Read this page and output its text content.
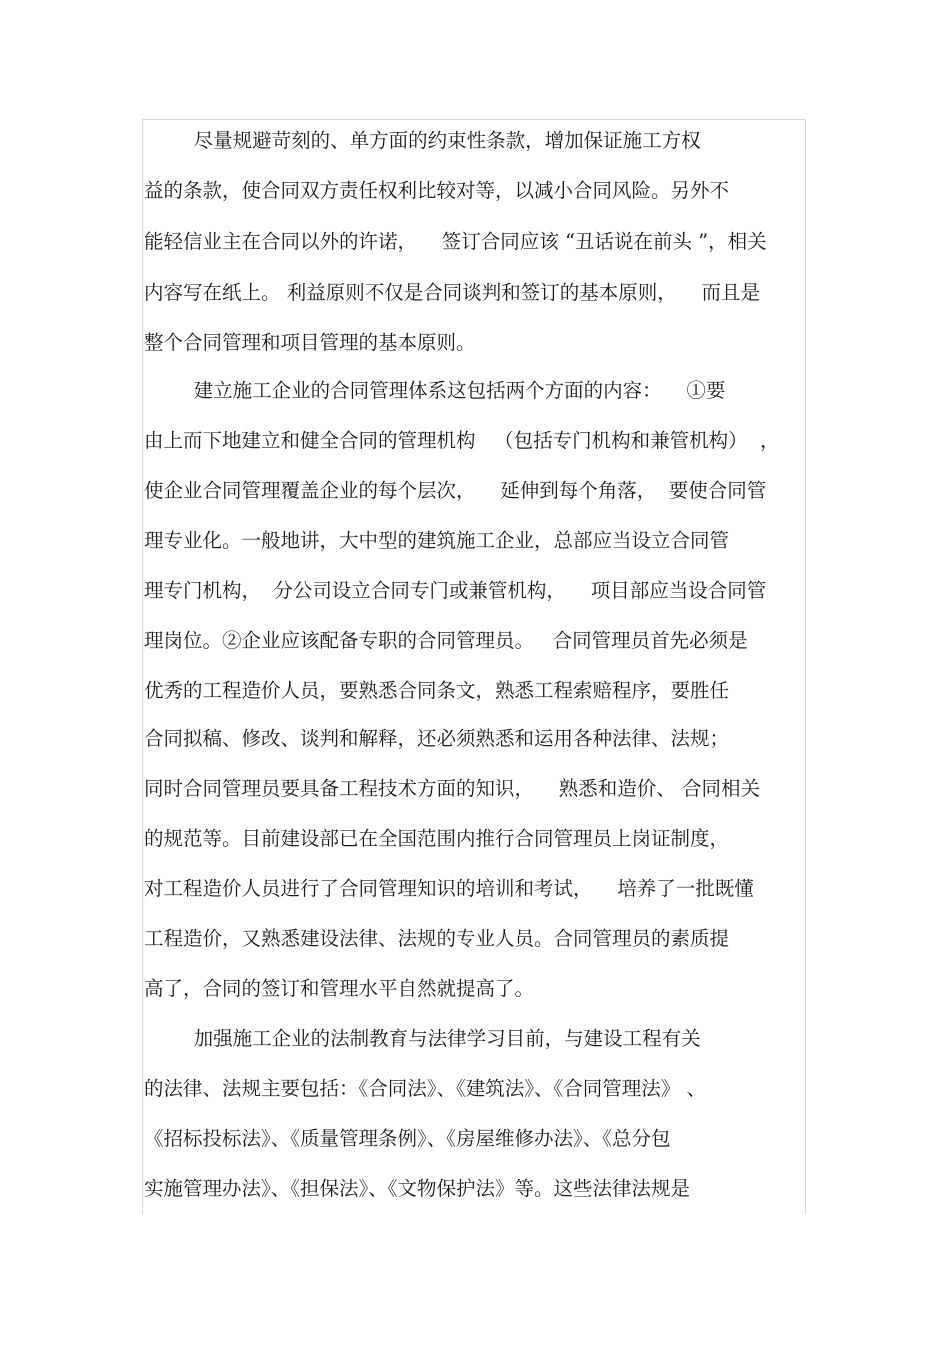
尽量规避苛刻的、单方面的约束性条款，增加保证施工方权
益的条款，使合同双方责任权利比较对等，以减小合同风险。另外不
能轻信业主在合同以外的许诺，    签订合同应该 “丑话说在前头 ”，相关
内容写在纸上。 利益原则不仅是合同谈判和签订的基本原则，    而且是
整个合同管理和项目管理的基本原则。
建立施工企业的合同管理体系这包括两个方面的内容：    ①要
由上而下地建立和健全合同的管理机构   （包括专门机构和兼管机构）  ，
使企业合同管理覆盖企业的每个层次，    延伸到每个角落，  要使合同管
理专业化。一般地讲，大中型的建筑施工企业，总部应当设立合同管
理专门机构，  分公司设立合同专门或兼管机构，    项目部应当设合同管
理岗位。②企业应该配备专职的合同管理员。   合同管理员首先必须是
优秀的工程造价人员，要熟悉合同条文，熟悉工程索赔程序，要胜任
合同拟稿、修改、谈判和解释，还必须熟悉和运用各种法律、法规；
同时合同管理员要具备工程技术方面的知识，    熟悉和造价、 合同相关
的规范等。目前建设部已在全国范围内推行合同管理员上岗证制度，
对工程造价人员进行了合同管理知识的培训和考试，    培养了一批既懂
工程造价，又熟悉建设法律、法规的专业人员。合同管理员的素质提
高了，合同的签订和管理水平自然就提高了。
加强施工企业的法制教育与法律学习目前，与建设工程有关
的法律、法规主要包括：《合同法》、《建筑法》、《合同管理法》 、
《招标投标法》、《质量管理条例》、《房屋维修办法》、《总分包
实施管理办法》、《担保法》、《文物保护法》等。这些法律法规是
